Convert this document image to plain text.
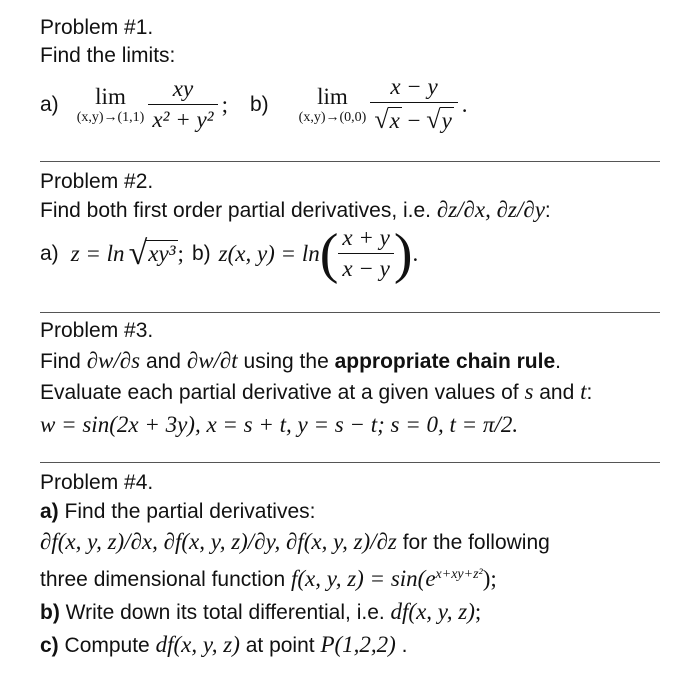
Problem #1.
Find the limits:
a) lim
$(x,y)\to(1,1) \frac{xy}{\text{x² + y²}}$ ; b) lim
$(x,y)\to(0,0) \frac{x - y}{√x - √y}$ .
Problem #2.
Find both first order partial derivatives, i.e. ∂z/∂x, ∂z/∂y:
a) z = ln √ xy³ ; b) z(x, y) = ln ( $\frac{x + y}{x - y}$ ) .
Problem #3.
Find ∂w/∂s and ∂w/∂t using the appropriate chain rule.
Evaluate each partial derivative at a given values of s and t:
w = sin(2x + 3y), x = s + t, y = s − t; s = 0, t = π/2.
Problem #4.
a) Find the partial derivatives:
∂f(x, y, z)/∂x, ∂f(x, y, z)/∂y, ∂f(x, y, z)/∂z for the following
three dimensional function f(x, y, $z) = \sin(e^{x+xy+z^2})$;
b) Write down its total differential, i.e. df(x, y, z);
c) Compute df(x, y, z) at point P(1,2,2) .
